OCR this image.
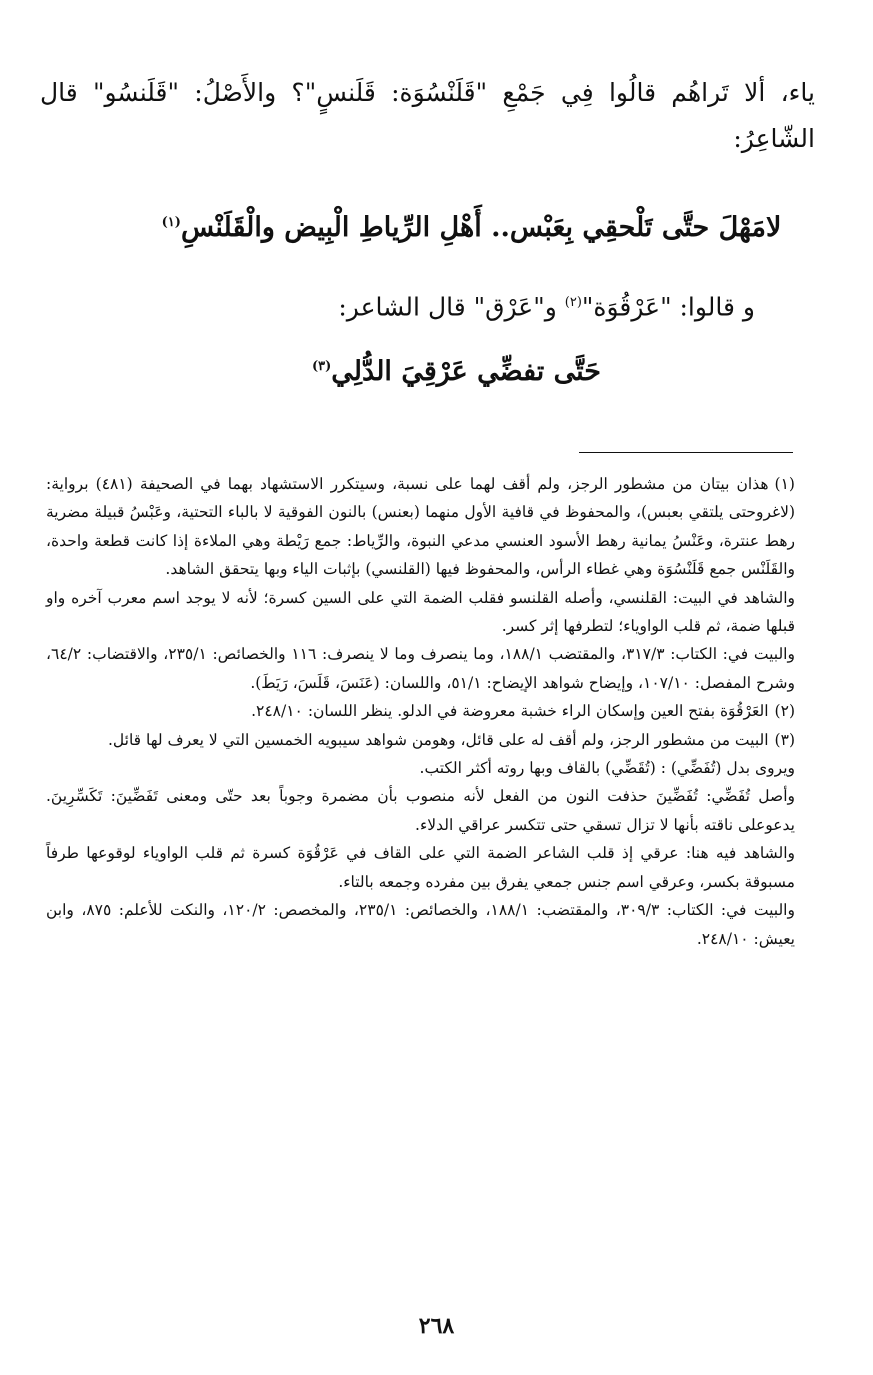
ياء، ألا تَراهُم قالُوا فِي جَمْعِ "قَلَنْسُوَة: قَلَنسٍ"؟ والأَصْلُ: "قَلَنسُو" قال الشّاعِرُ:

لامَهْلَ حتَّى تَلْحقِي بِعَبْس.. أَهْلِ الرِّياطِ الْبِيض والْقَلَنْسِ$^{(١)}$

و قالوا: "عَرْقُوَة"$^{(٢)}$ و"عَرْق" قال الشاعر:

حَتَّى تفضِّي عَرْقِيَ الدُّلِي$^{(٣)}$

(١)هذان بيتان من مشطور الرجز، ولم أقف لهما على نسبة، وسيتكرر الاستشهاد بهما في الصحيفة (٤٨١) برواية: (لاغروحتى يلتقي بعبس)، والمحفوظ في قافية الأول منهما (بعنس) بالنون الفوقية لا بالباء التحتية، وعَبْسُ قبيلة مضرية رهط عنترة، وعَنْسُ يمانية رهط الأسود العنسي مدعي النبوة، والرِّياط: جمع رَيْطة وهي الملاءة إذا كانت قطعة واحدة، والقَلَنْس جمع قَلَنْسُوَة وهي غطاء الرأس، والمحفوظ فيها (القلنسي) بإثبات الياء وبها يتحقق الشاهد.

والشاهد في البيت: القلنسي، وأصله القلنسو فقلب الضمة التي على السين كسرة؛ لأنه لا يوجد اسم معرب آخره واو قبلها ضمة، ثم قلب الواوياء؛ لتطرفها إثر كسر.

والبيت في: الكتاب: ٣١٧/٣، والمقتضب ١٨٨/١، وما ينصرف وما لا ينصرف: ١١٦ والخصائص: ٢٣٥/١، والاقتضاب: ٦٤/٢، وشرح المفصل: ١٠٧/١٠، وإيضاح شواهد الإيضاح: ٥١/١، واللسان: (عَنَسَ، قَلَسَ، رَيَطَ).

(٢)العَرْقُوَة بفتح العين وإسكان الراء خشبة معروضة في الدلو. ينظر اللسان: ٢٤٨/١٠.

(٣)البيت من مشطور الرجز، ولم أقف له على قائل، وهومن شواهد سيبويه الخمسين التي لا يعرف لها قائل.

ويروى بدل (تُفَضِّي) : (تُقَضِّي) بالقاف وبها روته أكثر الكتب.

وأصل تُفَضِّي: تُفَضِّينَ حذفت النون من الفعل لأنه منصوب بأن مضمرة وجوباً بعد حتّى ومعنى تَفَضِّينَ: تَكَسِّرِينَ. يدعوعلى ناقته بأنها لا تزال تسقي حتى تتكسر عراقي الدلاء.

والشاهد فيه هنا: عرقي إذ قلب الشاعر الضمة التي على القاف في عَرْقُوَة كسرة ثم قلب الواوياء لوقوعها طرفاً مسبوقة بكسر، وعرقي اسم جنس جمعي يفرق بين مفرده وجمعه بالتاء.

والبيت في: الكتاب: ٣٠٩/٣، والمقتضب: ١٨٨/١، والخصائص: ٢٣٥/١، والمخصص: ١٢٠/٢، والنكت للأعلم: ٨٧٥، وابن يعيش: ٢٤٨/١٠.

٢٦٨
